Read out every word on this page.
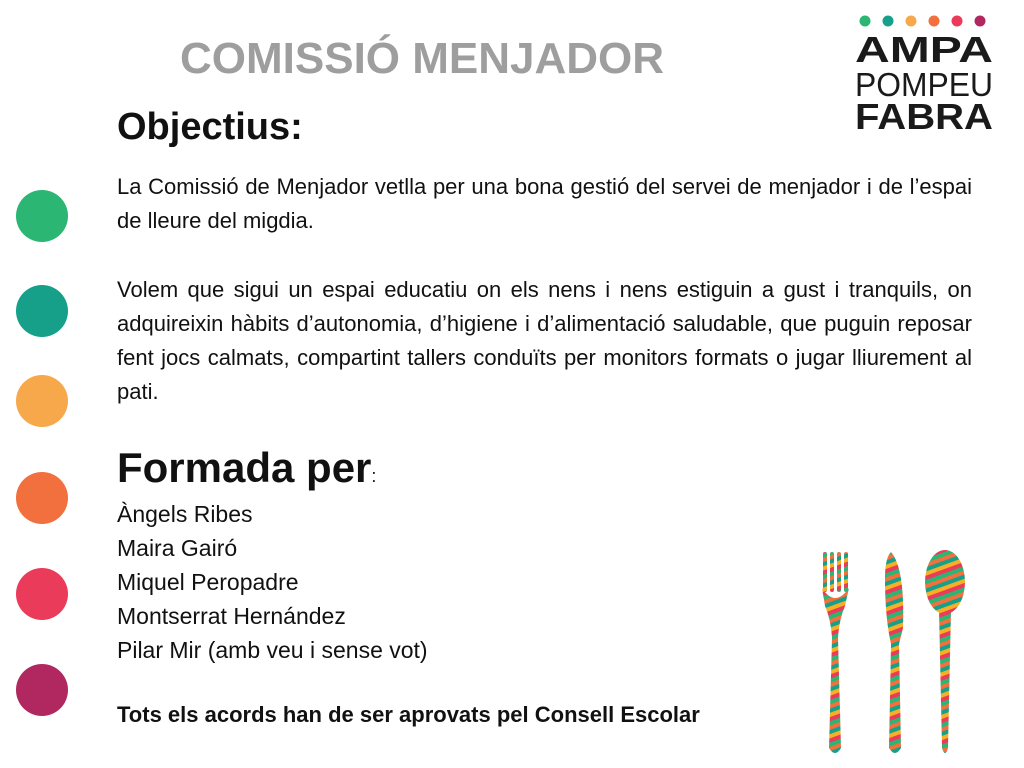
COMISSIÓ MENJADOR	AMPA
POMPEU
FABRA
Objectius:
La Comissió de Menjador vetlla per una bona gestió del servei de menjador i de l’espai de lleure del migdia.
Volem que sigui un espai educatiu on els nens i nens estiguin a gust i tranquils, on adquireixin hàbits d’autonomia, d’higiene i d’alimentació saludable, que puguin reposar fent jocs calmats, compartint tallers conduïts per monitors formats o jugar lliurement al pati.
Formada per:
Àngels Ribes
Maira Gairó
Miquel Peropadre
Montserrat Hernández
Pilar Mir (amb veu i sense vot)
Tots els acords han de ser aprovats pel Consell Escolar
